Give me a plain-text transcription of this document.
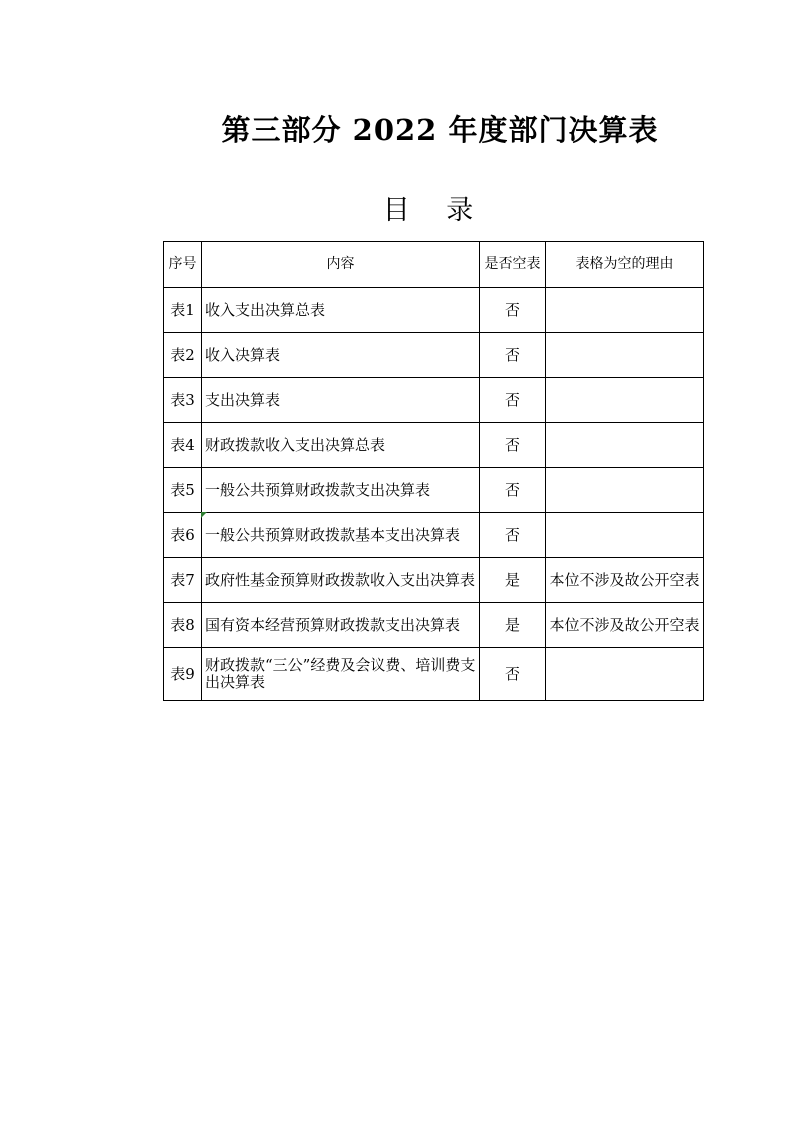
第三部分 2022 年度部门决算表
目 录
序号	内容	是否空表	表格为空的理由
表1	收入支出决算总表	否	
表2	收入决算表	否	
表3	支出决算表	否	
表4	财政拨款收入支出决算总表	否	
表5	一般公共预算财政拨款支出决算表	否	
表6	一般公共预算财政拨款基本支出决算表	否	
表7	政府性基金预算财政拨款收入支出决算表	是	本位不涉及故公开空表
表8	国有资本经营预算财政拨款支出决算表	是	本位不涉及故公开空表
表9	财政拨款“三公”经费及会议费、培训费支出决算表	否	
